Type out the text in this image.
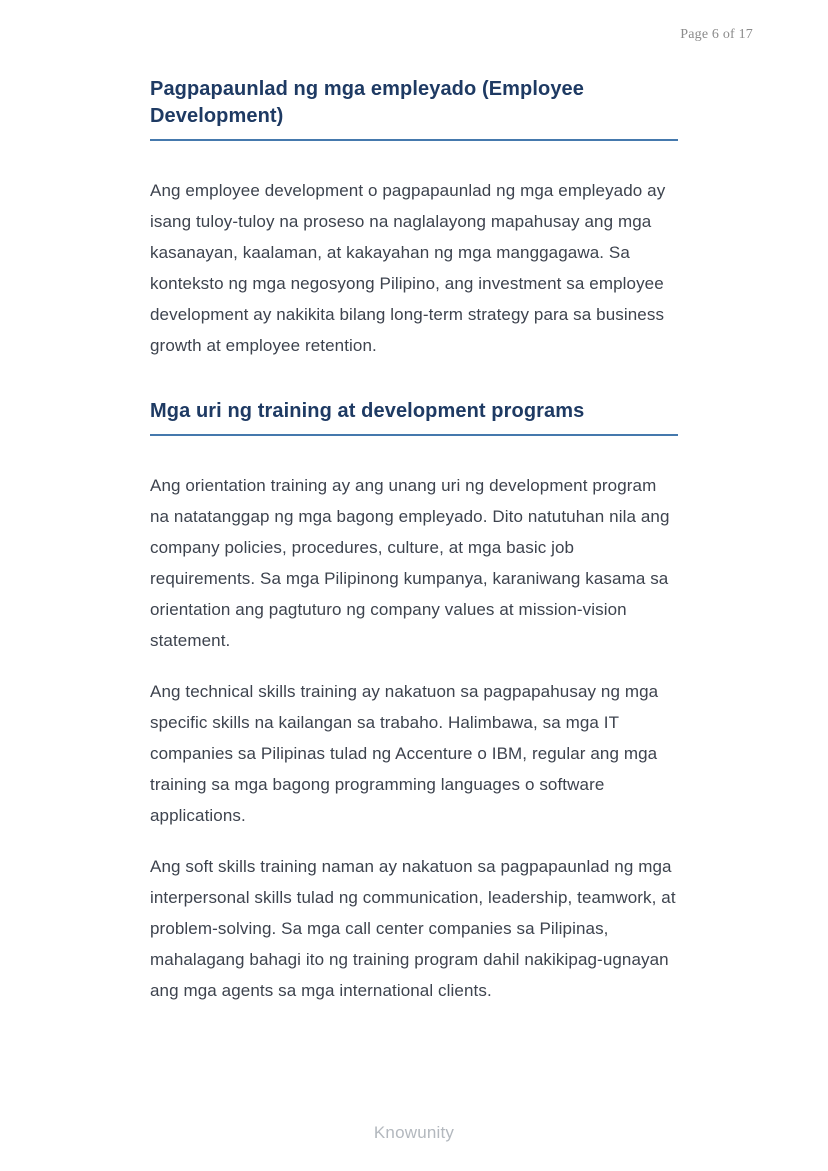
Page 6 of 17
Pagpapaunlad ng mga empleyado (Employee Development)

Ang employee development o pagpapaunlad ng mga empleyado ay isang tuloy-tuloy na proseso na naglalayong mapahusay ang mga kasanayan, kaalaman, at kakayahan ng mga manggagawa. Sa konteksto ng mga negosyong Pilipino, ang investment sa employee development ay nakikita bilang long-term strategy para sa business growth at employee retention.

Mga uri ng training at development programs

Ang orientation training ay ang unang uri ng development program na natatanggap ng mga bagong empleyado. Dito natutuhan nila ang company policies, procedures, culture, at mga basic job requirements. Sa mga Pilipinong kumpanya, karaniwang kasama sa orientation ang pagtuturo ng company values at mission-vision statement.

Ang technical skills training ay nakatuon sa pagpapahusay ng mga specific skills na kailangan sa trabaho. Halimbawa, sa mga IT companies sa Pilipinas tulad ng Accenture o IBM, regular ang mga training sa mga bagong programming languages o software applications.

Ang soft skills training naman ay nakatuon sa pagpapaunlad ng mga interpersonal skills tulad ng communication, leadership, teamwork, at problem-solving. Sa mga call center companies sa Pilipinas, mahalagang bahagi ito ng training program dahil nakikipag-ugnayan ang mga agents sa mga international clients.

Knowunity
